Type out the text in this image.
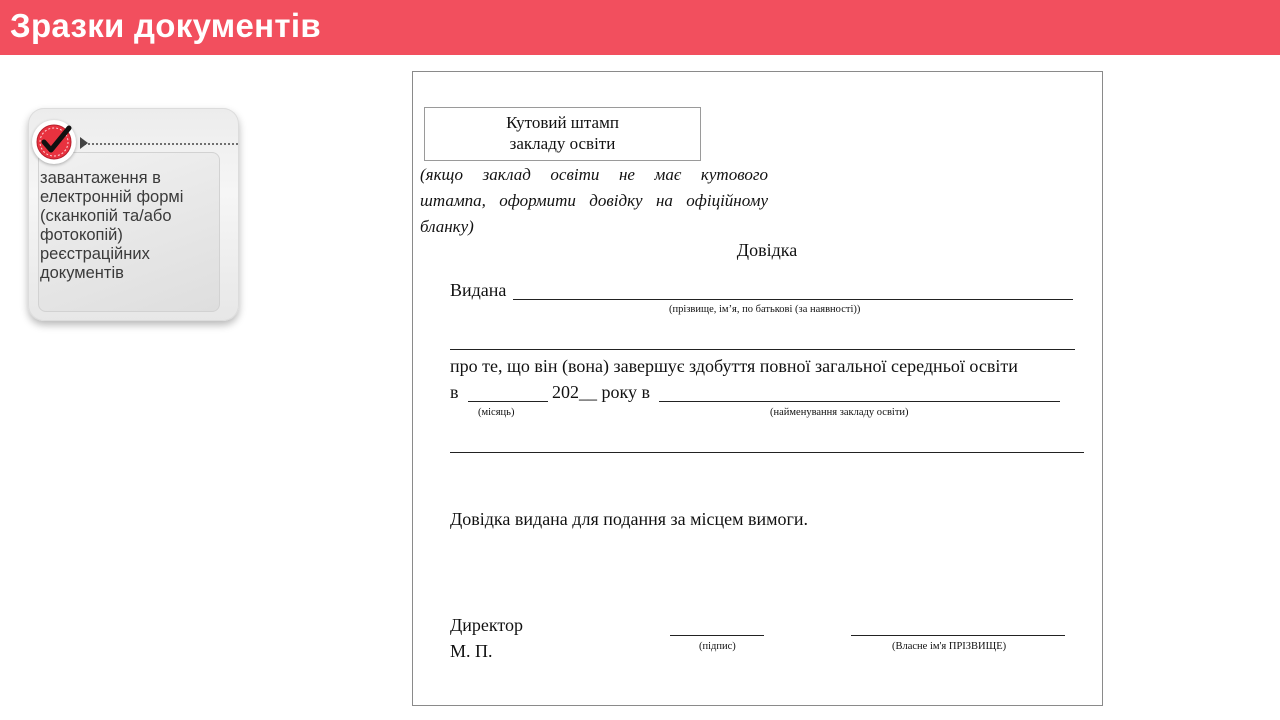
Зразки документів
завантаження в
електронній формі
(сканкопій та/або
фотокопій)
реєстраційних
документів
Кутовий штамп
закладу освіти
(якщо заклад освіти не має кутового
штампа, оформити довідку на офіційному
бланку)
Довідка
Видана
(прізвище, ім’я, по батькові (за наявності))
про те, що він (вона) завершує здобуття повної загальної середньої освіти
в	202__ року в
(місяць)	(найменування закладу освіти)
Довідка видана для подання за місцем вимоги.
Директор
М. П.	(підпис)	(Власне ім'я ПРІЗВИЩЕ)
